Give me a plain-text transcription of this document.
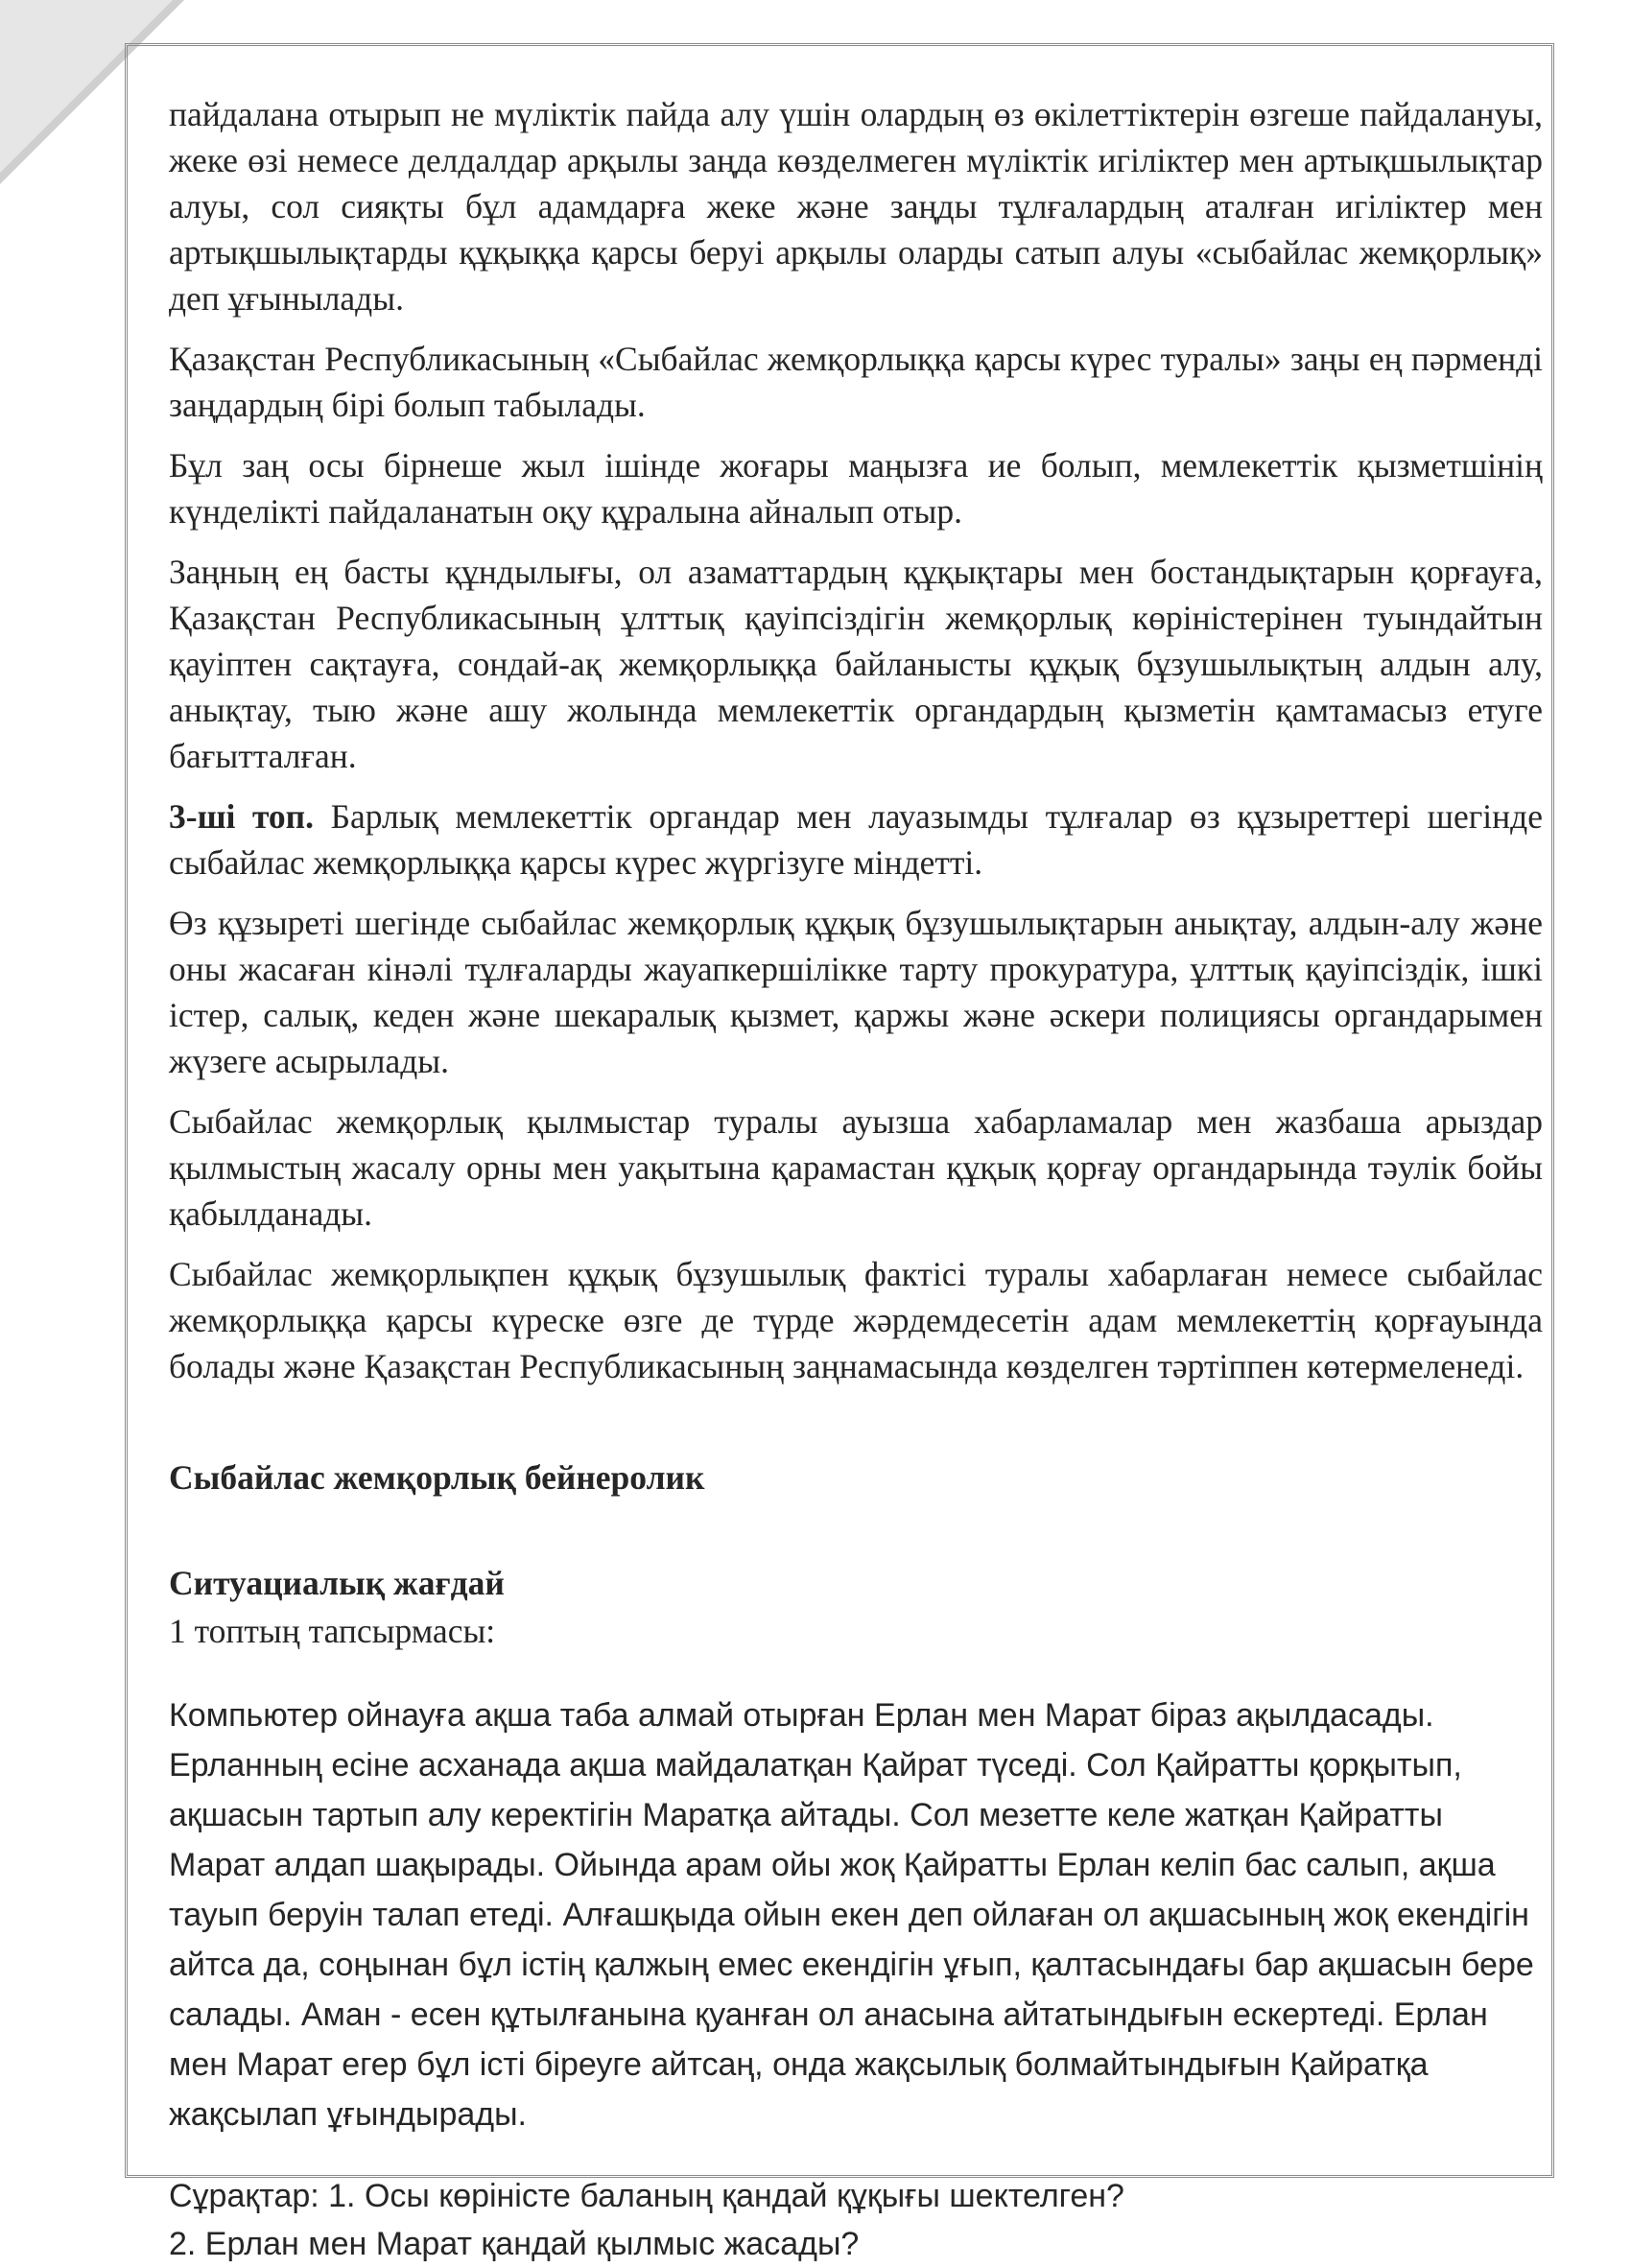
пайдалана отырып не мүліктік пайда алу үшін олардың өз өкілеттіктерін өзгеше пайдалануы, жеке өзі немесе делдалдар арқылы заңда көзделмеген мүліктік игіліктер мен артықшылықтар алуы, сол сияқты бұл адамдарға жеке және заңды тұлғалардың аталған игіліктер мен артықшылықтарды құқыққа қарсы беруі арқылы оларды сатып алуы «сыбайлас жемқорлық» деп ұғынылады.

Қазақстан Республикасының «Сыбайлас жемқорлыққа қарсы күрес туралы» заңы ең пәрменді заңдардың бірі болып табылады.

Бұл заң осы бірнеше жыл ішінде жоғары маңызға ие болып, мемлекеттік қызметшінің күнделікті пайдаланатын оқу құралына айналып отыр.

Заңның ең басты құндылығы, ол азаматтардың құқықтары мен бостандықтарын қорғауға, Қазақстан Республикасының ұлттық қауіпсіздігін жемқорлық көріністерінен туындайтын қауіптен сақтауға, сондай-ақ жемқорлыққа байланысты құқық бұзушылықтың алдын алу, анықтау, тыю және ашу жолында мемлекеттік органдардың қызметін қамтамасыз етуге бағытталған.

3-ші топ. Барлық мемлекеттік органдар мен лауазымды тұлғалар өз құзыреттері шегінде сыбайлас жемқорлыққа қарсы күрес жүргізуге міндетті.

Өз құзыреті шегінде сыбайлас жемқорлық құқық бұзушылықтарын анықтау, алдын-алу және оны жасаған кінәлі тұлғаларды жауапкершілікке тарту прокуратура, ұлттық қауіпсіздік, ішкі істер, салық, кеден және шекаралық қызмет, қаржы және әскери полициясы органдарымен жүзеге асырылады.

Сыбайлас жемқорлық қылмыстар туралы ауызша хабарламалар мен жазбаша арыздар қылмыстың жасалу орны мен уақытына қарамастан құқық қорғау органдарында тәулік бойы қабылданады.

Сыбайлас жемқорлықпен құқық бұзушылық фактісі туралы хабарлаған немесе сыбайлас жемқорлыққа қарсы күреске өзге де түрде жәрдемдесетін адам мемлекеттің қорғауында болады және Қазақстан Республикасының заңнамасында көзделген тәртіппен көтермеленеді.

Сыбайлас жемқорлық бейнеролик

Ситуациалық жағдай

1 топтың тапсырмасы:

Компьютер ойнауға ақша таба алмай отырған Ерлан мен Марат біраз ақылдасады. Ерланның есіне асханада ақша майдалатқан Қайрат түседі. Сол Қайратты қорқытып, ақшасын тартып алу керектігін Маратқа айтады. Сол мезетте келе жатқан Қайратты Марат алдап шақырады. Ойында арам ойы жоқ Қайратты Ерлан келіп бас салып, ақша тауып беруін талап етеді. Алғашқыда ойын екен деп ойлаған ол ақшасының жоқ екендігін айтса да, соңынан бұл істің қалжың емес екендігін ұғып, қалтасындағы бар ақшасын бере салады. Аман - есен құтылғанына қуанған ол анасына айтатындығын ескертеді. Ерлан мен Марат егер бұл істі біреуге айтсаң, онда жақсылық болмайтындығын Қайратқа жақсылап ұғындырады.

Сұрақтар: 1. Осы көріністе баланың қандай құқығы шектелген?

2. Ерлан мен Марат қандай қылмыс жасады?
